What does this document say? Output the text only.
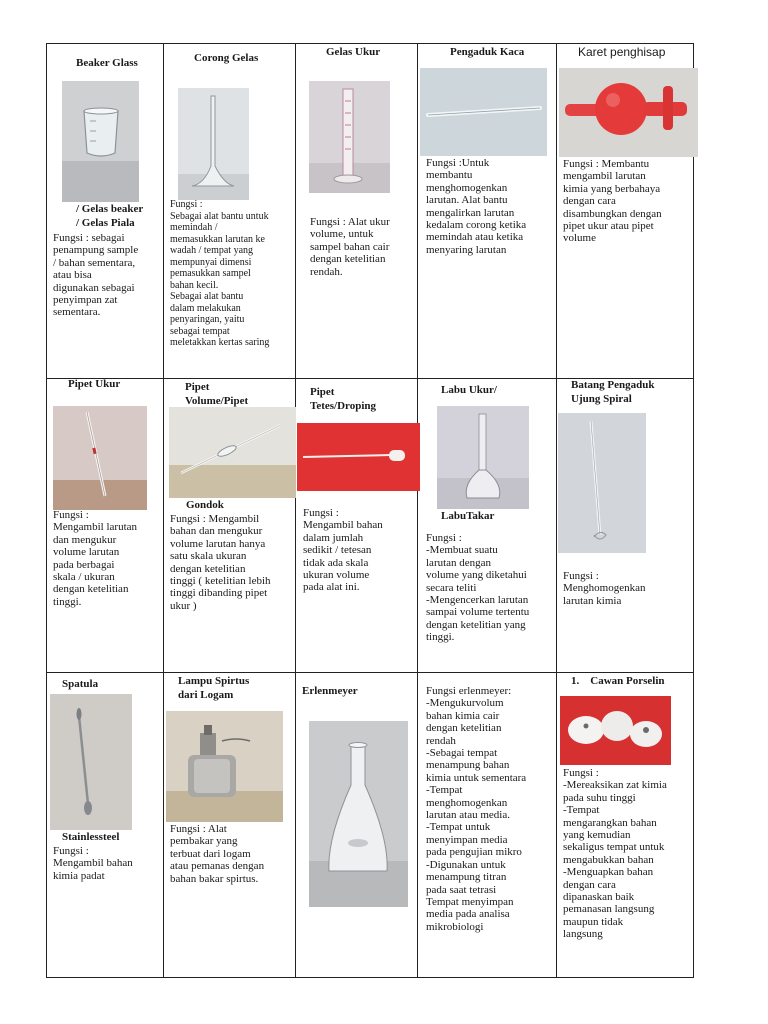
Beaker Glass
/ Gelas beaker
/ Gelas Piala
Fungsi : sebagai
penampung sample
/ bahan sementara,
atau bisa
digunakan sebagai
penyimpan zat
sementara.
Corong Gelas
Fungsi :
Sebagai alat bantu untuk
memindah /
memasukkan larutan ke
wadah / tempat yang
mempunyai dimensi
pemasukkan sampel
bahan kecil.
Sebagai alat bantu
dalam melakukan
penyaringan, yaitu
sebagai tempat
meletakkan kertas saring
Gelas Ukur
Fungsi : Alat ukur
volume, untuk
sampel bahan cair
dengan ketelitian
rendah.
Pengaduk Kaca
Fungsi :Untuk
membantu
menghomogenkan
larutan. Alat bantu
mengalirkan larutan
kedalam corong ketika
memindah atau ketika
menyaring larutan
Karet penghisap
Fungsi : Membantu
mengambil larutan
kimia yang berbahaya
dengan cara
disambungkan dengan
pipet ukur atau pipet
volume
Pipet Ukur
Fungsi :
Mengambil larutan
dan mengukur
volume larutan
pada berbagai
skala / ukuran
dengan ketelitian
tinggi.
Pipet
Volume/Pipet
Gondok
Fungsi : Mengambil
bahan dan mengukur
volume larutan hanya
satu skala ukuran
dengan ketelitian
tinggi ( ketelitian lebih
tinggi dibanding pipet
ukur )
Pipet
Tetes/Droping
Fungsi :
Mengambil bahan
dalam jumlah
sedikit / tetesan
tidak ada skala
ukuran volume
pada alat ini.
Labu Ukur/
LabuTakar
Fungsi :
-Membuat suatu
larutan dengan
volume yang diketahui
secara teliti
-Mengencerkan larutan
sampai volume tertentu
dengan ketelitian yang
tinggi.
Batang Pengaduk
Ujung Spiral
Fungsi :
Menghomogenkan
larutan kimia
Spatula
Stainlessteel
Fungsi :
Mengambil bahan
kimia padat
Lampu Spirtus
dari Logam
Fungsi : Alat
pembakar yang
terbuat dari logam
atau pemanas dengan
bahan bakar spirtus.
Erlenmeyer	Fungsi erlenmeyer:
-Mengukurvolum
bahan kimia cair
dengan ketelitian
rendah
-Sebagai tempat
menampung bahan
kimia untuk sementara
-Tempat
menghomogenkan
larutan atau media.
-Tempat untuk
menyimpan media
pada pengujian mikro
-Digunakan untuk
menampung titran
pada saat tetrasi
Tempat menyimpan
media pada analisa
mikrobiologi
1. Cawan Porselin
Fungsi :
-Mereaksikan zat kimia
pada suhu tinggi
-Tempat
mengarangkan bahan
yang kemudian
sekaligus tempat untuk
mengabukkan bahan
-Menguapkan bahan
dengan cara
dipanaskan baik
pemanasan langsung
maupun tidak
langsung
